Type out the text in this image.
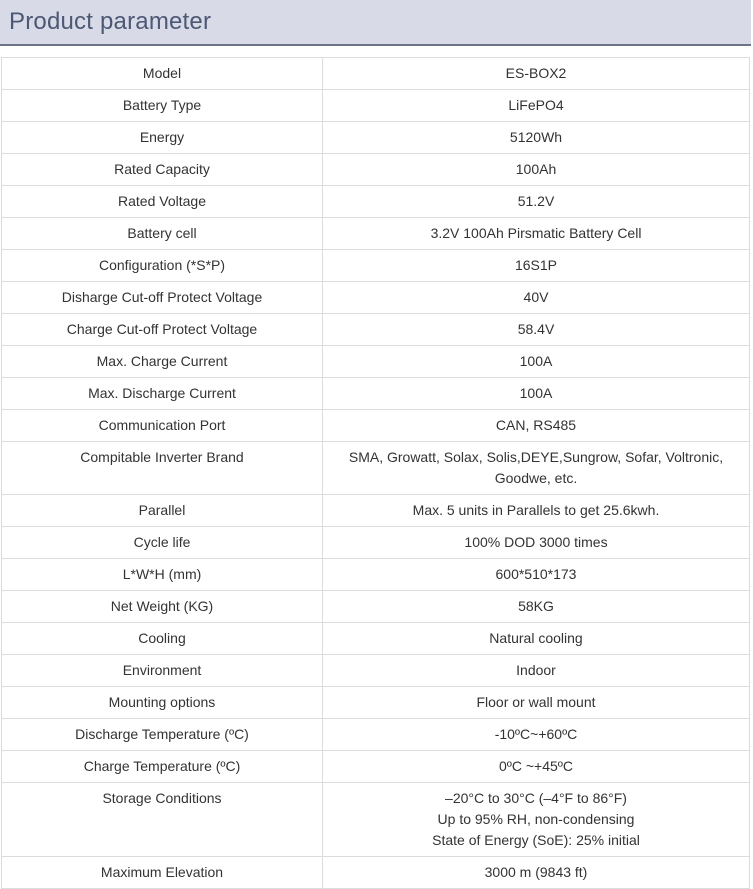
Product parameter
Model	ES-BOX2

Battery Type	LiFePO4

Energy	5120Wh

Rated Capacity	100Ah

Rated Voltage	51.2V

Battery cell	3.2V 100Ah Pirsmatic Battery Cell

Configuration (*S*P)	16S1P

Disharge Cut-off Protect Voltage	40V

Charge Cut-off Protect Voltage	58.4V

Max. Charge Current	100A

Max. Discharge Current	100A

Communication Port	CAN, RS485

Compitable Inverter Brand	SMA, Growatt, Solax, Solis,DEYE,Sungrow, Sofar, Voltronic,
Goodwe, etc.

Parallel	Max. 5 units in Parallels to get 25.6kwh.

Cycle life	100% DOD 3000 times

L*W*H (mm)	600*510*173

Net Weight (KG)	58KG

Cooling	Natural cooling

Environment	Indoor

Mounting options	Floor or wall mount

Discharge Temperature (ºC)	-10ºC~+60ºC

Charge Temperature (ºC)	0ºC ~+45ºC

Storage Conditions	–20°C to 30°C (–4°F to 86°F)
Up to 95% RH, non-condensing
State of Energy (SoE): 25% initial

Maximum Elevation	3000 m (9843 ft)
